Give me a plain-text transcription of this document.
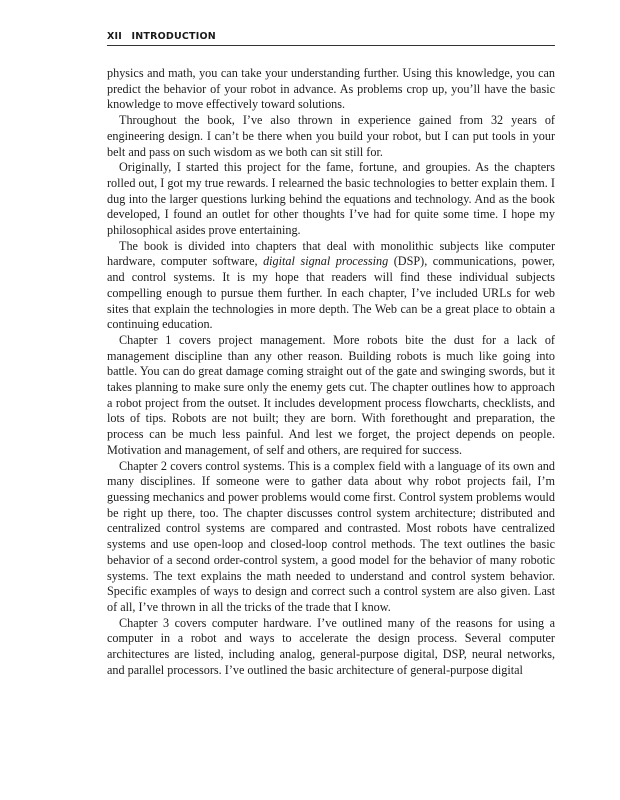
XII INTRODUCTION

physics and math, you can take your understanding further. Using this knowledge, you can predict the behavior of your robot in advance. As problems crop up, you’ll have the basic knowledge to move effectively toward solutions.

Throughout the book, I’ve also thrown in experience gained from 32 years of engineering design. I can’t be there when you build your robot, but I can put tools in your belt and pass on such wisdom as we both can sit still for.

Originally, I started this project for the fame, fortune, and groupies. As the chapters rolled out, I got my true rewards. I relearned the basic technologies to better explain them. I dug into the larger questions lurking behind the equations and technology. And as the book developed, I found an outlet for other thoughts I’ve had for quite some time. I hope my philosophical asides prove entertaining.

The book is divided into chapters that deal with monolithic subjects like computer hardware, computer software, digital signal processing (DSP), communications, power, and control systems. It is my hope that readers will find these individual subjects compelling enough to pursue them further. In each chapter, I’ve included URLs for web sites that explain the technologies in more depth. The Web can be a great place to obtain a continuing education.

Chapter 1 covers project management. More robots bite the dust for a lack of management discipline than any other reason. Building robots is much like going into battle. You can do great damage coming straight out of the gate and swinging swords, but it takes planning to make sure only the enemy gets cut. The chapter outlines how to approach a robot project from the outset. It includes development process flowcharts, checklists, and lots of tips. Robots are not built; they are born. With forethought and preparation, the process can be much less painful. And lest we forget, the project depends on people. Motivation and management, of self and others, are required for success.

Chapter 2 covers control systems. This is a complex field with a language of its own and many disciplines. If someone were to gather data about why robot projects fail, I’m guessing mechanics and power problems would come first. Control system problems would be right up there, too. The chapter discusses control system architecture; distributed and centralized control systems are compared and contrasted. Most robots have centralized systems and use open-loop and closed-loop control methods. The text outlines the basic behavior of a second order-control system, a good model for the behavior of many robotic systems. The text explains the math needed to understand and control system behavior. Specific examples of ways to design and correct such a control system are also given. Last of all, I’ve thrown in all the tricks of the trade that I know.

Chapter 3 covers computer hardware. I’ve outlined many of the reasons for using a computer in a robot and ways to accelerate the design process. Several computer architectures are listed, including analog, general-purpose digital, DSP, neural networks, and parallel processors. I’ve outlined the basic architecture of general-purpose digital
